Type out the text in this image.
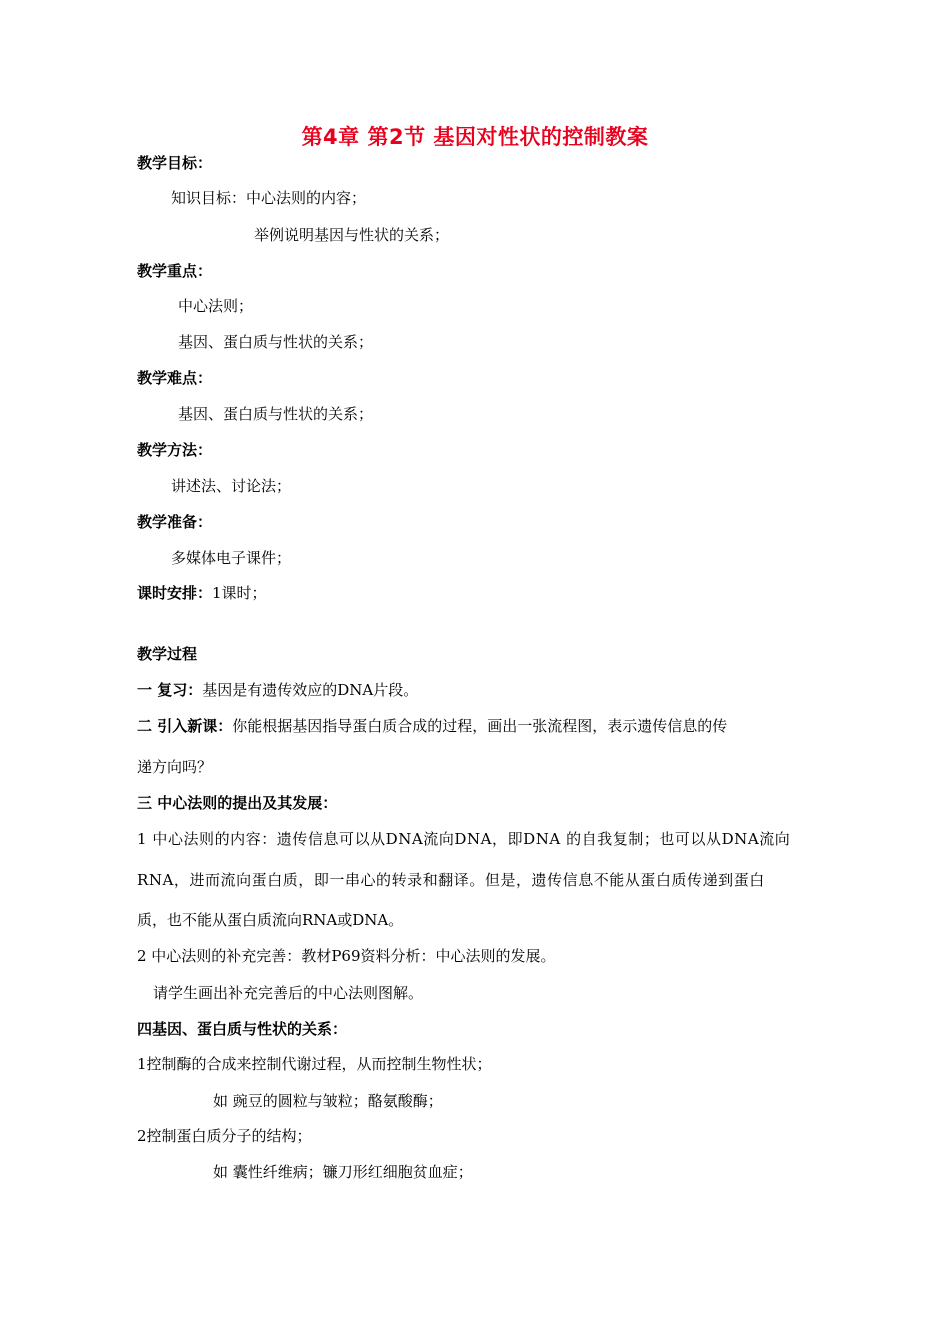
第4章 第2节 基因对性状的控制教案
教学目标：
知识目标：中心法则的内容；
举例说明基因与性状的关系；
教学重点：
中心法则；
基因、蛋白质与性状的关系；
教学难点：
基因、蛋白质与性状的关系；
教学方法：
讲述法、讨论法；
教学准备：
多媒体电子课件；
课时安排：1课时；
教学过程
一 复习：基因是有遗传效应的DNA片段。
二 引入新课：你能根据基因指导蛋白质合成的过程，画出一张流程图，表示遗传信息的传
递方向吗？
三 中心法则的提出及其发展：
1 中心法则的内容：遗传信息可以从DNA流向DNA，即DNA 的自我复制；也可以从DNA流向
RNA，进而流向蛋白质，即一串心的转录和翻译。但是，遗传信息不能从蛋白质传递到蛋白
质，也不能从蛋白质流向RNA或DNA。
2 中心法则的补充完善：教材P69资料分析：中心法则的发展。
请学生画出补充完善后的中心法则图解。
四基因、蛋白质与性状的关系：
1控制酶的合成来控制代谢过程，从而控制生物性状；
如 豌豆的圆粒与皱粒；酪氨酸酶；
2控制蛋白质分子的结构；
如 囊性纤维病；镰刀形红细胞贫血症；
